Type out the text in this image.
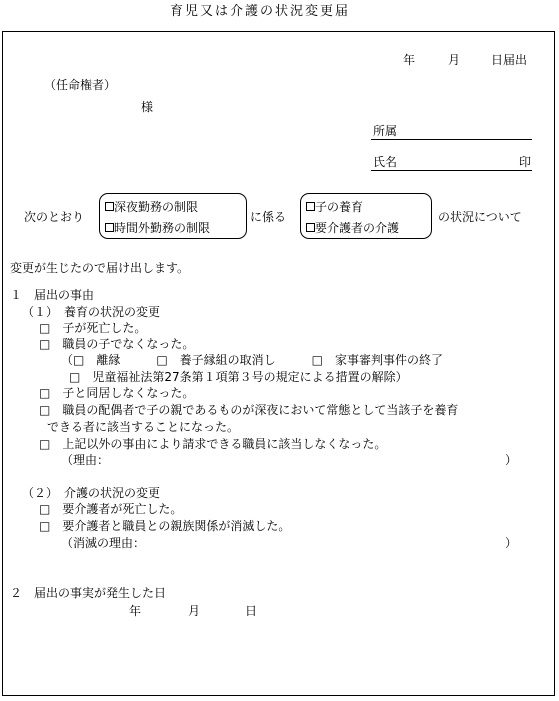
育児又は介護の状況変更届
年	月	日届出
（任命権者）
様
所属
氏名	印
次のとおり
深夜勤務の制限
時間外勤務の制限
に係る
子の養育
要介護者の介護
の状況について
変更が生じたので届け出します。
１　届出の事由
（１）　養育の状況の変更
□　子が死亡した。
□　職員の子でなくなった。
（□　離縁　　　□　養子縁組の取消し　　　□　家事審判事件の終了
□　児童福祉法第27条第１項第３号の規定による措置の解除）
□　子と同居しなくなった。
□　職員の配偶者で子の親であるものが深夜において常態として当該子を養育
できる者に該当することになった。
□　上記以外の事由により請求できる職員に該当しなくなった。
（理由：	）
（２）　介護の状況の変更
□　要介護者が死亡した。
□　要介護者と職員との親族関係が消滅した。
（消滅の理由：	）
２　届出の事実が発生した日
年	月	日
